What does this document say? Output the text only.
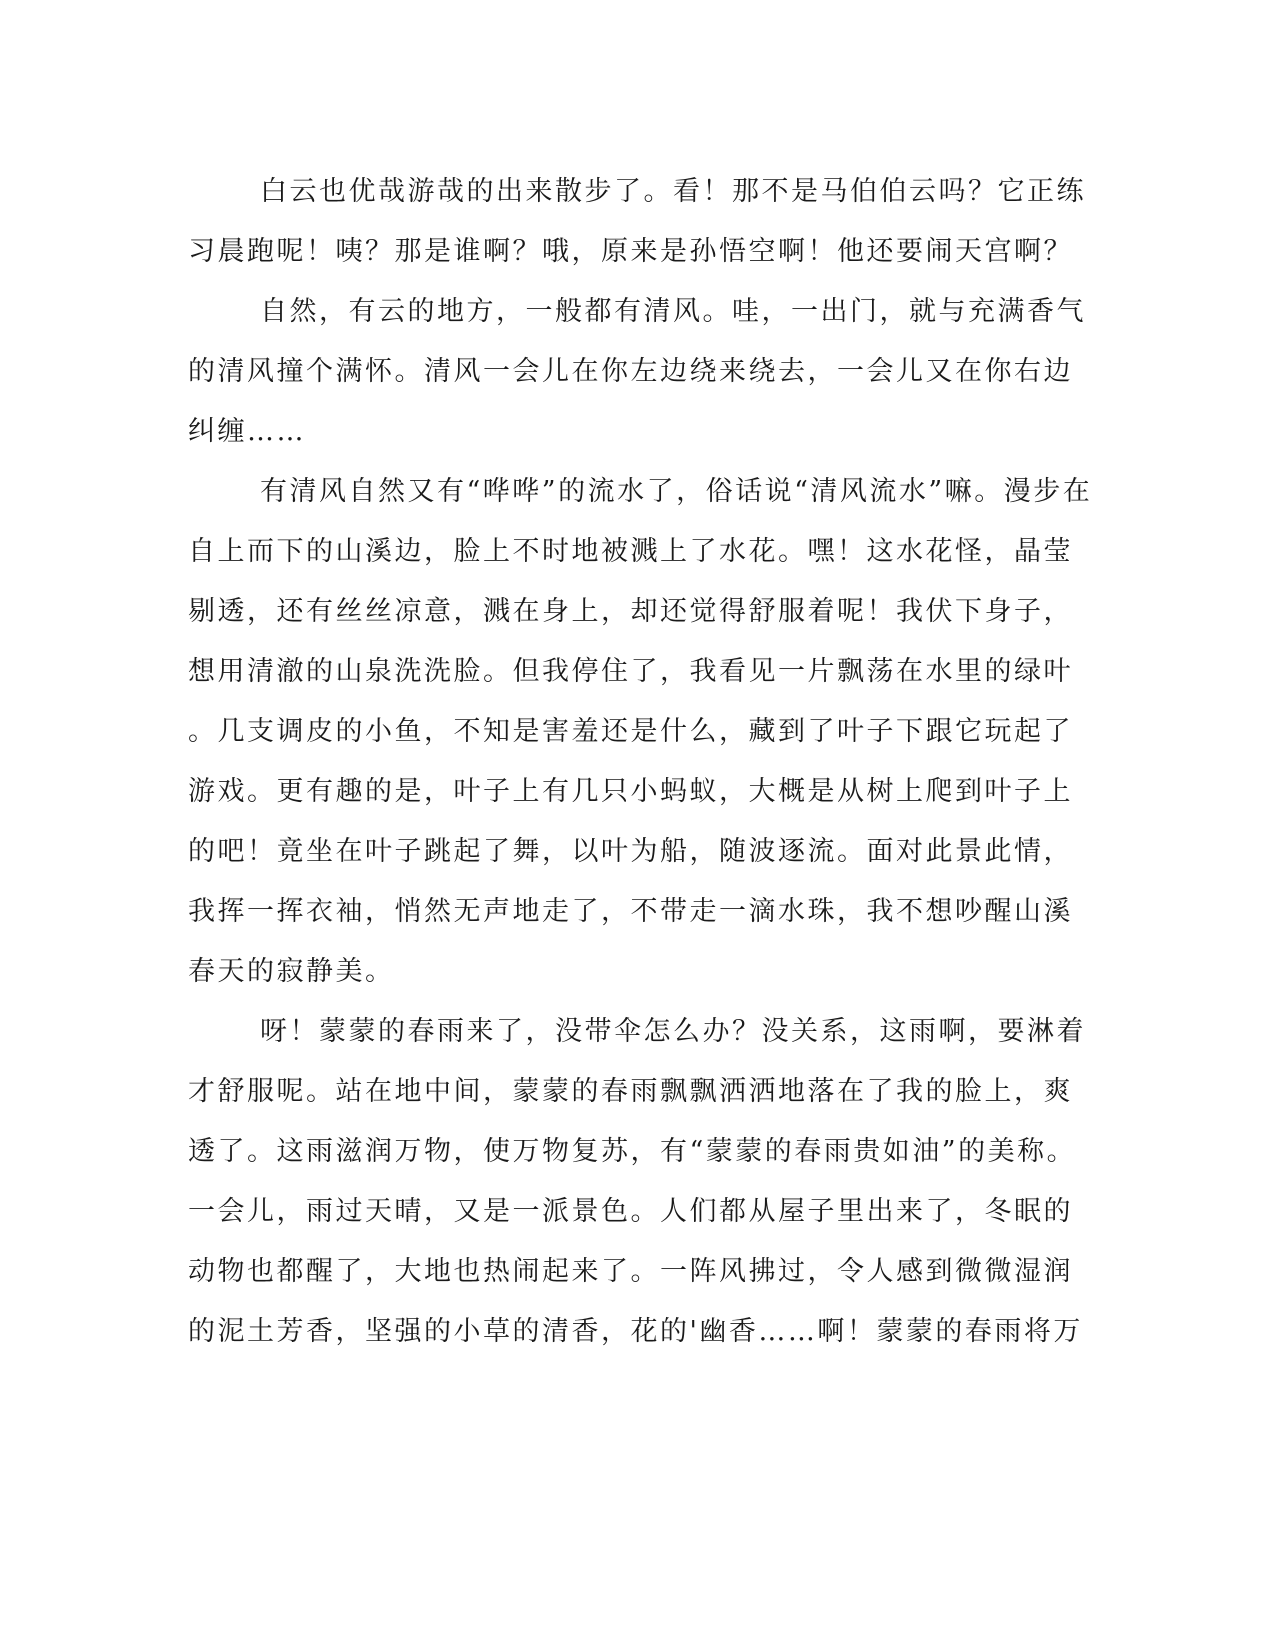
白云也优哉游哉的出来散步了。看！那不是马伯伯云吗？它正练
习晨跑呢！咦？那是谁啊？哦，原来是孙悟空啊！他还要闹天宫啊？
自然，有云的地方，一般都有清风。哇，一出门，就与充满香气
的清风撞个满怀。清风一会儿在你左边绕来绕去，一会儿又在你右边
纠缠……
有清风自然又有“哗哗”的流水了，俗话说“清风流水”嘛。漫步在
自上而下的山溪边，脸上不时地被溅上了水花。嘿！这水花怪，晶莹
剔透，还有丝丝凉意，溅在身上，却还觉得舒服着呢！我伏下身子，
想用清澈的山泉洗洗脸。但我停住了，我看见一片飘荡在水里的绿叶
。几支调皮的小鱼，不知是害羞还是什么，藏到了叶子下跟它玩起了
游戏。更有趣的是，叶子上有几只小蚂蚁，大概是从树上爬到叶子上
的吧！竟坐在叶子跳起了舞，以叶为船，随波逐流。面对此景此情，
我挥一挥衣袖，悄然无声地走了，不带走一滴水珠，我不想吵醒山溪
春天的寂静美。
呀！蒙蒙的春雨来了，没带伞怎么办？没关系，这雨啊，要淋着
才舒服呢。站在地中间，蒙蒙的春雨飘飘洒洒地落在了我的脸上，爽
透了。这雨滋润万物，使万物复苏，有“蒙蒙的春雨贵如油”的美称。
一会儿，雨过天晴，又是一派景色。人们都从屋子里出来了，冬眠的
动物也都醒了，大地也热闹起来了。一阵风拂过，令人感到微微湿润
的泥土芳香，坚强的小草的清香，花的'幽香……啊！蒙蒙的春雨将万
